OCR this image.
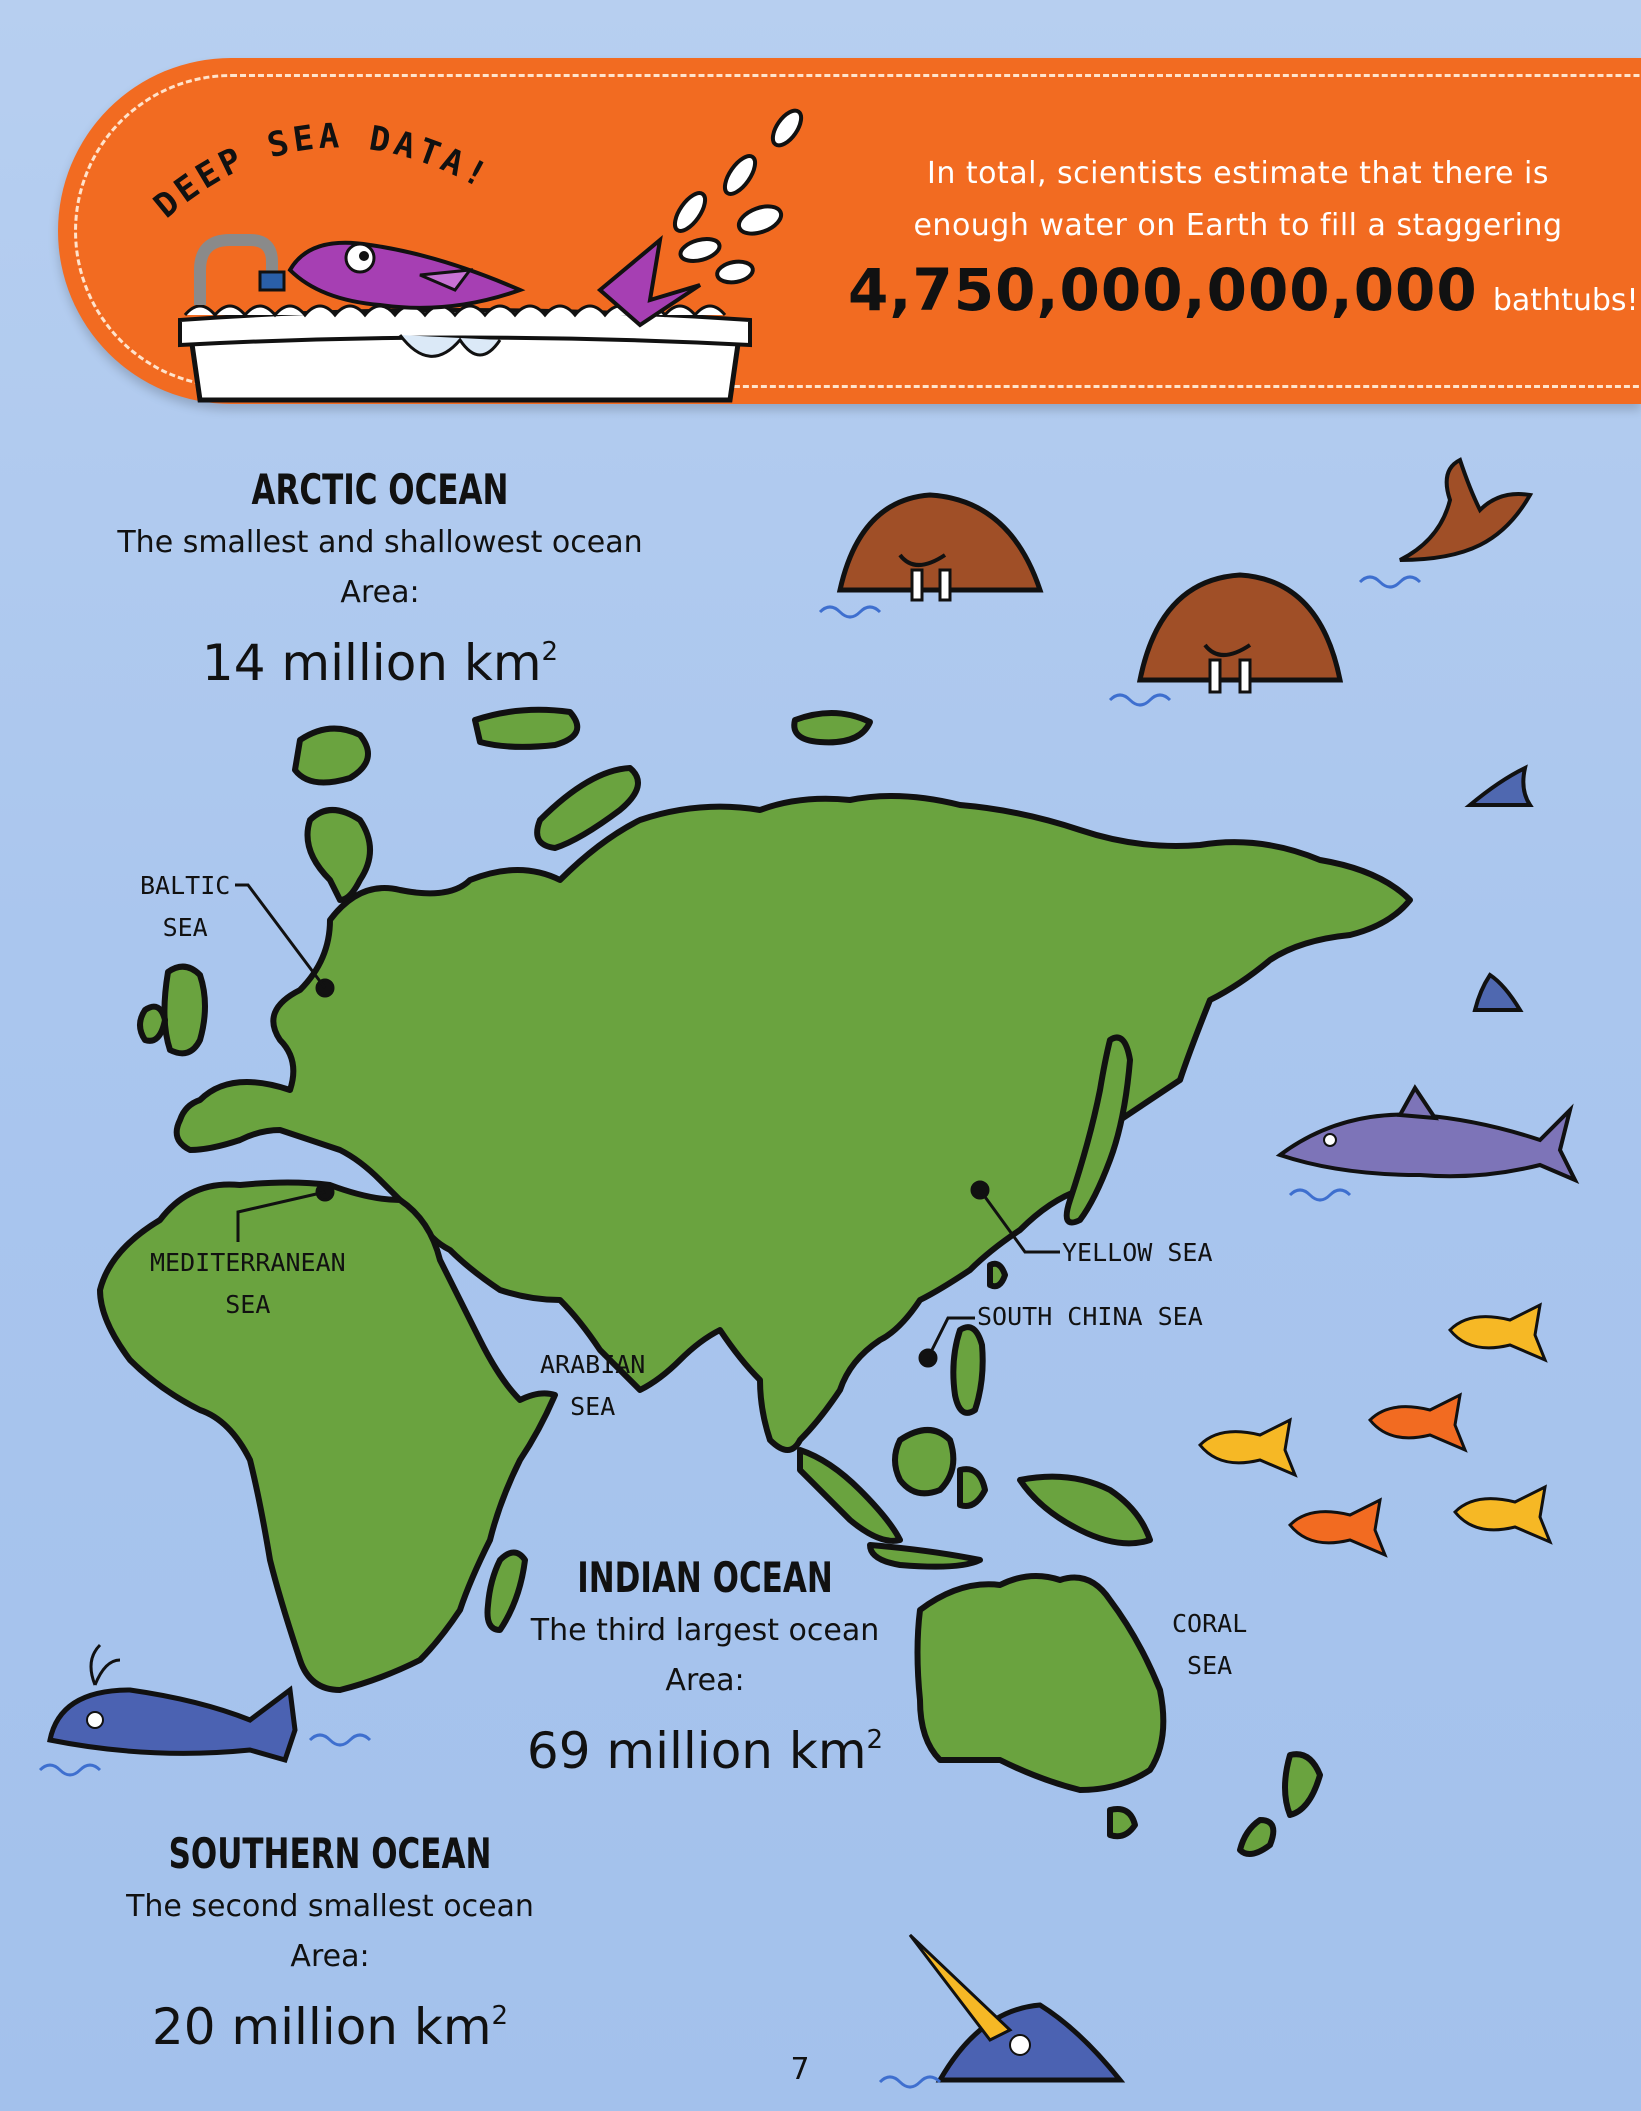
In total, scientists estimate that there is
enough water on Earth to fill a staggering
4,750,000,000,000 bathtubs!
DEEP SEA DATA!
ARCTIC OCEAN
The smallest and shallowest ocean
Area:
14 million $km^2$
INDIAN OCEAN
The third largest ocean
Area:
69 million $km^2$
SOUTHERN OCEAN
The second smallest ocean
Area:
20 million $km^2$
BALTIC
SEA
MEDITERRANEAN
SEA
ARABIAN
SEA
YELLOW SEA
SOUTH CHINA SEA
CORAL
SEA
7
